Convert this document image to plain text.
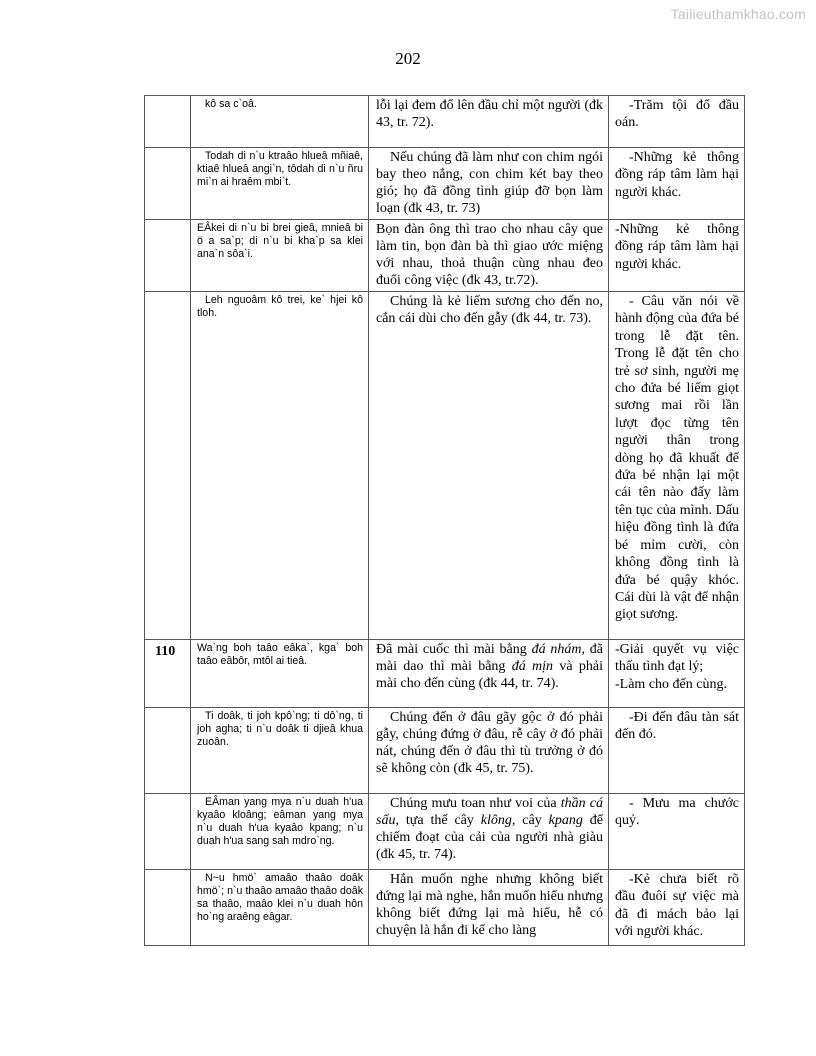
Tailieuthamkhao.com
202
	kô sa c`oâ.	lỗi lại đem đổ lên đầu chỉ một người (đk 43, tr. 72).	-Trăm tội đổ đầu oán.
	Todah di n`u ktraâo hlueâ mñiaê, ktiaê hlueâ angi`n, tôdah di n`u ñru mi`n ai hraêm mbi`t.	Nếu chúng đã làm như con chim ngói bay theo nắng, con chim két bay theo gió; họ đã đồng tình giúp đỡ bọn làm loạn (đk 43, tr. 73)	-Những kẻ thông đồng ráp tâm làm hại người khác.
	EÂkei di n`u bi brei gieâ, mnieâ bi ö a sa`p; di n`u bi kha`p sa klei ana`n sôa`i.	Bọn đàn ông thì trao cho nhau cây que làm tin, bọn đàn bà thì giao ước miệng với nhau, thoả thuận cùng nhau đeo đuổi công việc (đk 43, tr.72).	-Những kẻ thông đồng ráp tâm làm hại người khác.
	Leh nguoâm kô trei, ke` hjei kô tloh.	Chúng là kẻ liếm sương cho đến no, cắn cái dùi cho đến gẫy (đk 44, tr. 73).	- Câu văn nói về hành động của đứa bé trong lễ đặt tên. Trong lễ đặt tên cho trẻ sơ sinh, người mẹ cho đứa bé liếm giọt sương mai rồi lần lượt đọc từng tên người thân trong dòng họ đã khuất để đứa bé nhận lại một cái tên nào đấy làm tên tục của mình. Dấu hiệu đồng tình là đứa bé mỉm cười, còn không đồng tình là đứa bé quậy khóc. Cái dùi là vật để nhận giọt sương.
110	Wa`ng boh taâo eâka`, kga` boh taâo eâbôr, mtôl ai tieâ.	Đã mài cuốc thì mài bằng đá nhám, đã mài dao thì mài bằng đá mịn và phải mài cho đến cùng (đk 44, tr. 74).	-Giải quyết vụ việc thấu tình đạt lý;
-Làm cho đến cùng.
	Ti doâk, ti joh kpô`ng; ti dô`ng, ti joh agha; ti n`u doâk ti djieâ khua zuoân.	Chúng đến ở đâu gãy gộc ở đó phải gẫy, chúng đứng ở đâu, rễ cây ở đó phải nát, chúng đến ở đâu thì tù trưởng ở đó sẽ không còn (đk 45, tr. 75).	-Đi đến đâu tàn sát đến đó.
	EÂman yang mya n`u duah h'ua kyaâo kloâng; eâman yang mya n`u duah h'ua kyaâo kpang; n`u duah h'ua sang sah mdro`ng.	Chúng mưu toan như voi của thần cá sấu, tựa thế cây klông, cây kpang để chiếm đoạt của cải của người nhà giàu (đk 45, tr. 74).	- Mưu ma chước quỷ.
	N~u hmö` amaâo thaâo doâk hmö`; n`u thaâo amaâo thaâo doâk sa thaâo, maâo klei n`u duah hôn ho`ng araêng eâgar.	Hắn muốn nghe nhưng không biết đứng lại mà nghe, hắn muốn hiểu nhưng không biết đứng lại mà hiểu, hễ có chuyện là hắn đi kể cho làng	-Kẻ chưa biết rõ đầu đuôi sự việc mà đã đi mách bảo lại với người khác.
